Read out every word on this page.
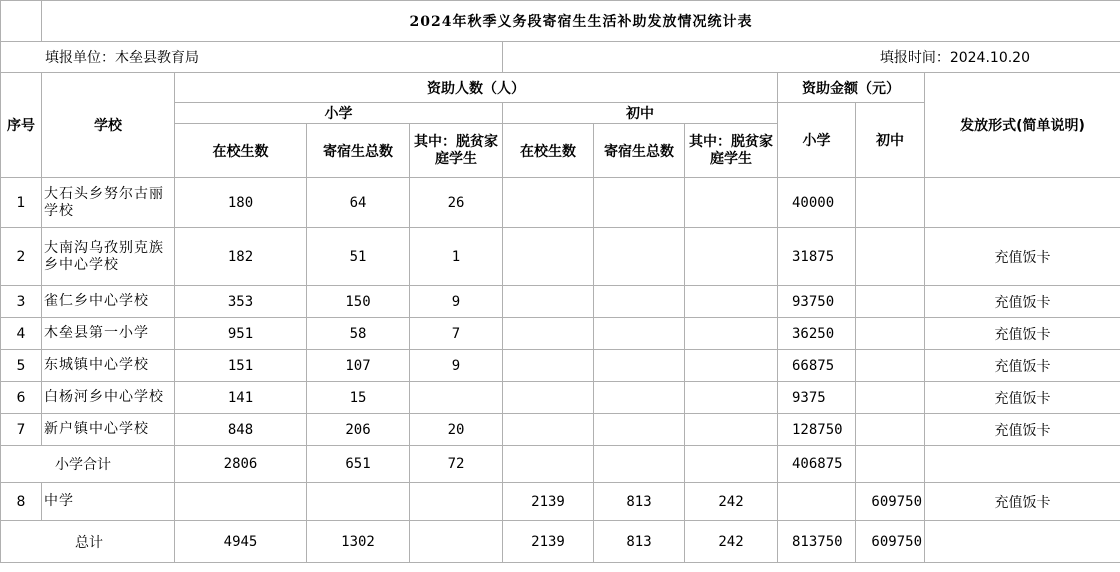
	2024年秋季义务段寄宿生生活补助发放情况统计表									
填报单位：木垒县教育局					填报时间：2024.10.20					
序号	学校	资助人数（人）						资助金额（元）		发放形式(简单说明)
		小学			初中			小学	初中	
		在校生数	寄宿生总数	其中：脱贫家庭学生	在校生数	寄宿生总数	其中：脱贫家庭学生			
1	大石头乡努尔古丽学校	180	64	26				40000		
2	大南沟乌孜别克族乡中心学校	182	51	1				31875		充值饭卡
3	雀仁乡中心学校	353	150	9				93750		充值饭卡
4	木垒县第一小学	951	58	7				36250		充值饭卡
5	东城镇中心学校	151	107	9				66875		充值饭卡
6	白杨河乡中心学校	141	15					9375		充值饭卡
7	新户镇中心学校	848	206	20				128750		充值饭卡
小学合计		2806	651	72				406875		
8	中学				2139	813	242		609750	充值饭卡
总计		4945	1302		2139	813	242	813750	609750	
